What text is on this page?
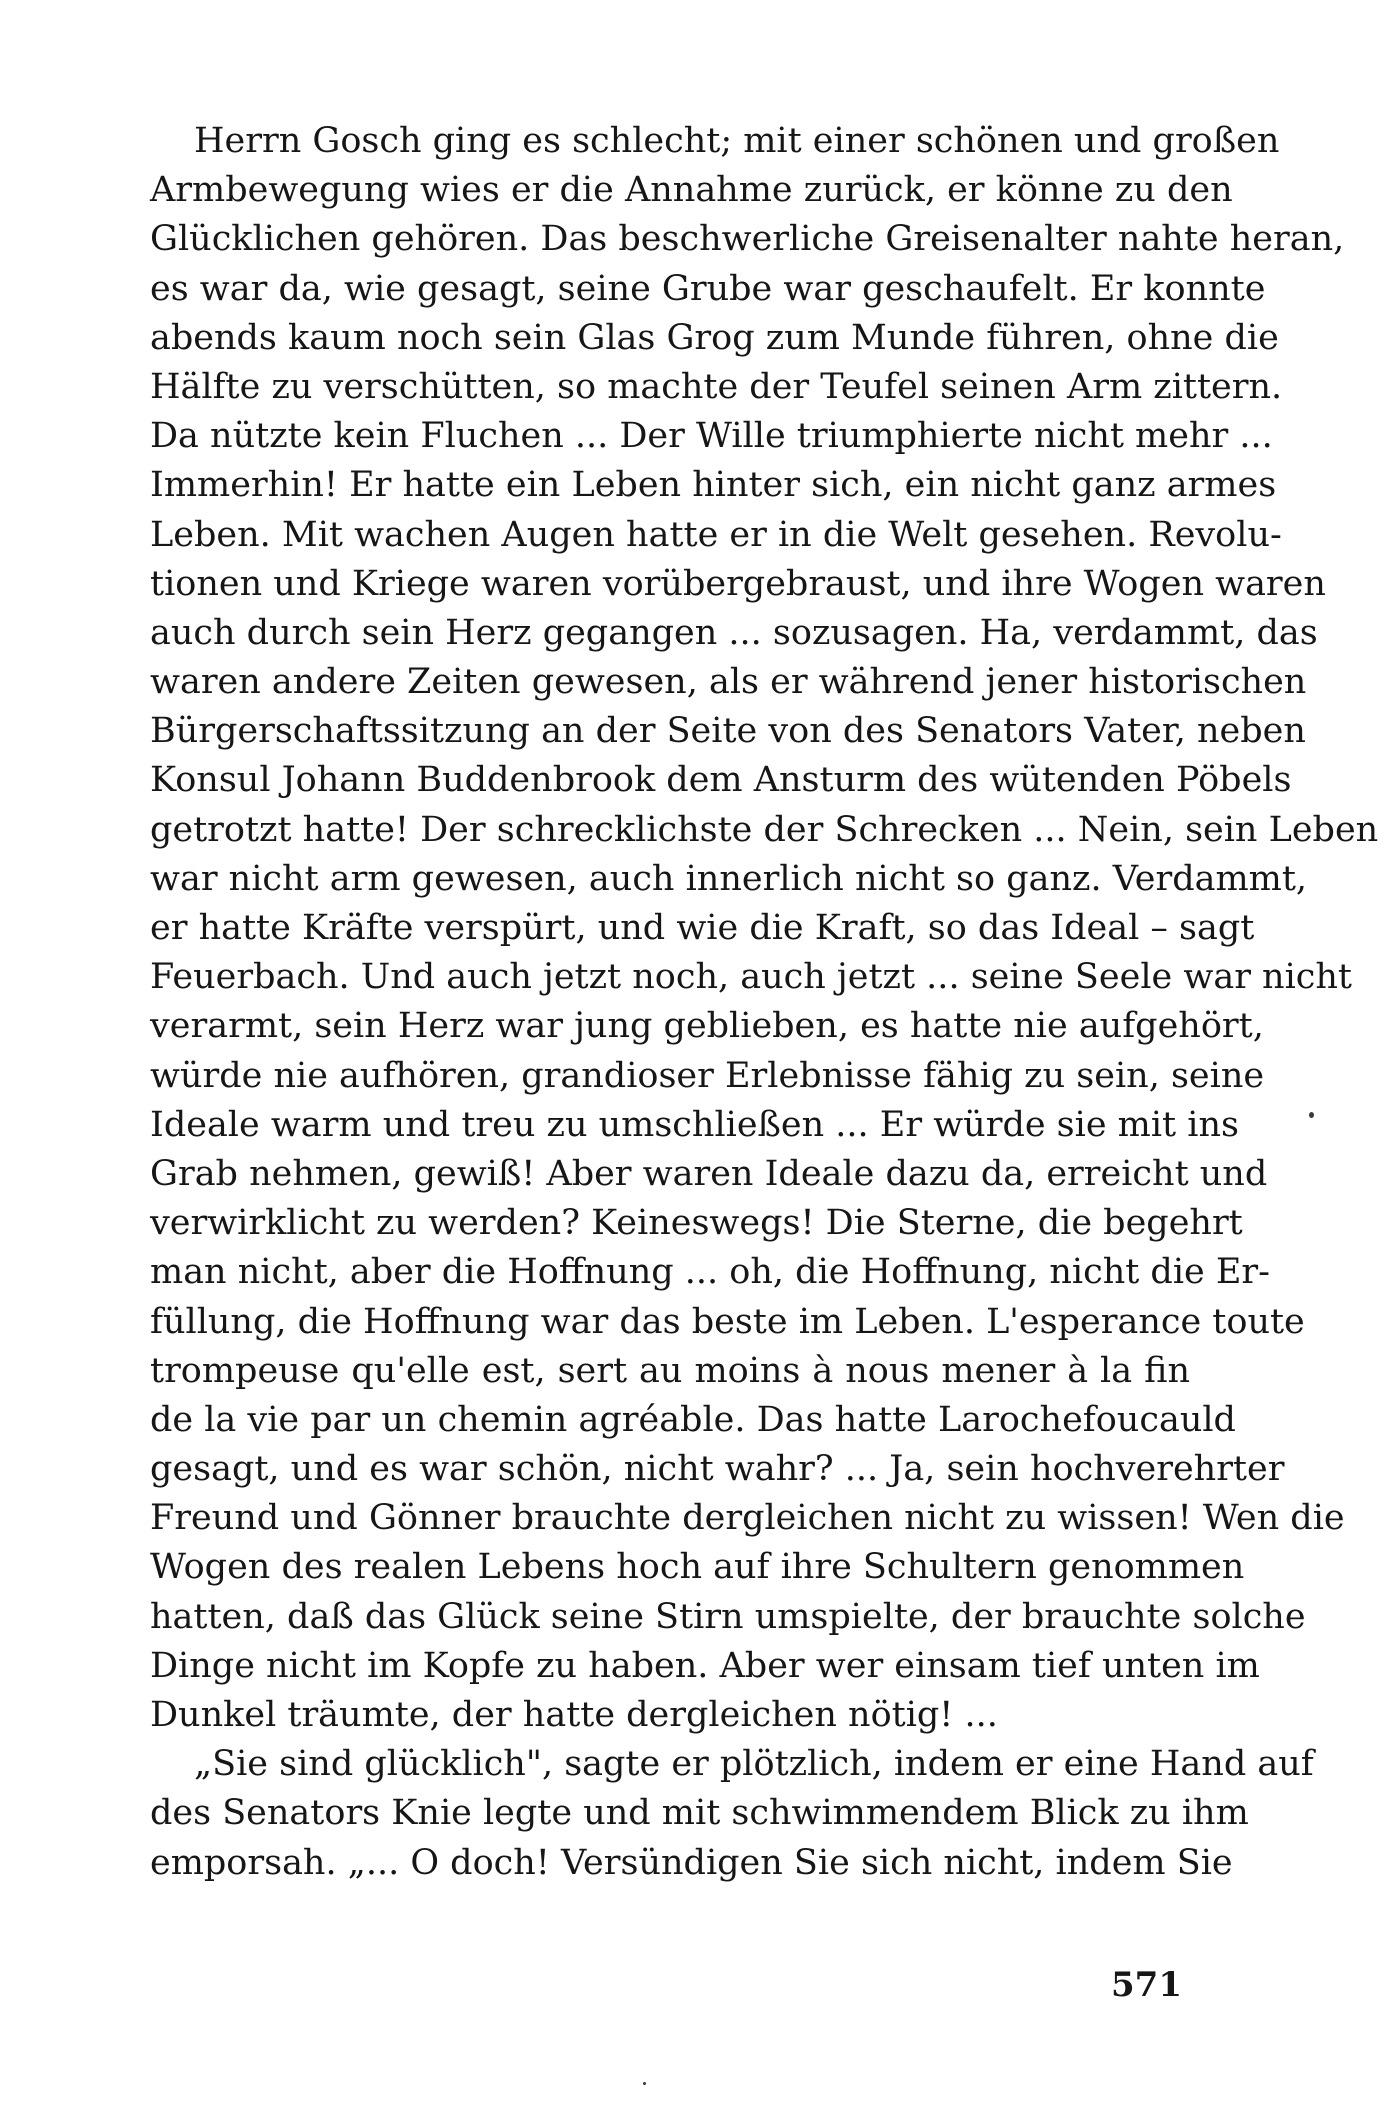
Herrn Gosch ging es schlecht; mit einer schönen und großen
Armbewegung wies er die Annahme zurück, er könne zu den
Glücklichen gehören. Das beschwerliche Greisenalter nahte heran,
es war da, wie gesagt, seine Grube war geschaufelt. Er konnte
abends kaum noch sein Glas Grog zum Munde führen, ohne die
Hälfte zu verschütten, so machte der Teufel seinen Arm zittern.
Da nützte kein Fluchen ... Der Wille triumphierte nicht mehr ...
Immerhin! Er hatte ein Leben hinter sich, ein nicht ganz armes
Leben. Mit wachen Augen hatte er in die Welt gesehen. Revolu-
tionen und Kriege waren vorübergebraust, und ihre Wogen waren
auch durch sein Herz gegangen ... sozusagen. Ha, verdammt, das
waren andere Zeiten gewesen, als er während jener historischen
Bürgerschaftssitzung an der Seite von des Senators Vater, neben
Konsul Johann Buddenbrook dem Ansturm des wütenden Pöbels
getrotzt hatte! Der schrecklichste der Schrecken ... Nein, sein Leben
war nicht arm gewesen, auch innerlich nicht so ganz. Verdammt,
er hatte Kräfte verspürt, und wie die Kraft, so das Ideal – sagt
Feuerbach. Und auch jetzt noch, auch jetzt ... seine Seele war nicht
verarmt, sein Herz war jung geblieben, es hatte nie aufgehört,
würde nie aufhören, grandioser Erlebnisse fähig zu sein, seine
Ideale warm und treu zu umschließen ... Er würde sie mit ins
Grab nehmen, gewiß! Aber waren Ideale dazu da, erreicht und
verwirklicht zu werden? Keineswegs! Die Sterne, die begehrt
man nicht, aber die Hoffnung ... oh, die Hoffnung, nicht die Er-
füllung, die Hoffnung war das beste im Leben. L'esperance toute
trompeuse qu'elle est, sert au moins à nous mener à la fin
de la vie par un chemin agréable. Das hatte Larochefoucauld
gesagt, und es war schön, nicht wahr? ... Ja, sein hochverehrter
Freund und Gönner brauchte dergleichen nicht zu wissen! Wen die
Wogen des realen Lebens hoch auf ihre Schultern genommen
hatten, daß das Glück seine Stirn umspielte, der brauchte solche
Dinge nicht im Kopfe zu haben. Aber wer einsam tief unten im
Dunkel träumte, der hatte dergleichen nötig! ...
„Sie sind glücklich", sagte er plötzlich, indem er eine Hand auf
des Senators Knie legte und mit schwimmendem Blick zu ihm
emporsah. „... O doch! Versündigen Sie sich nicht, indem Sie
571
